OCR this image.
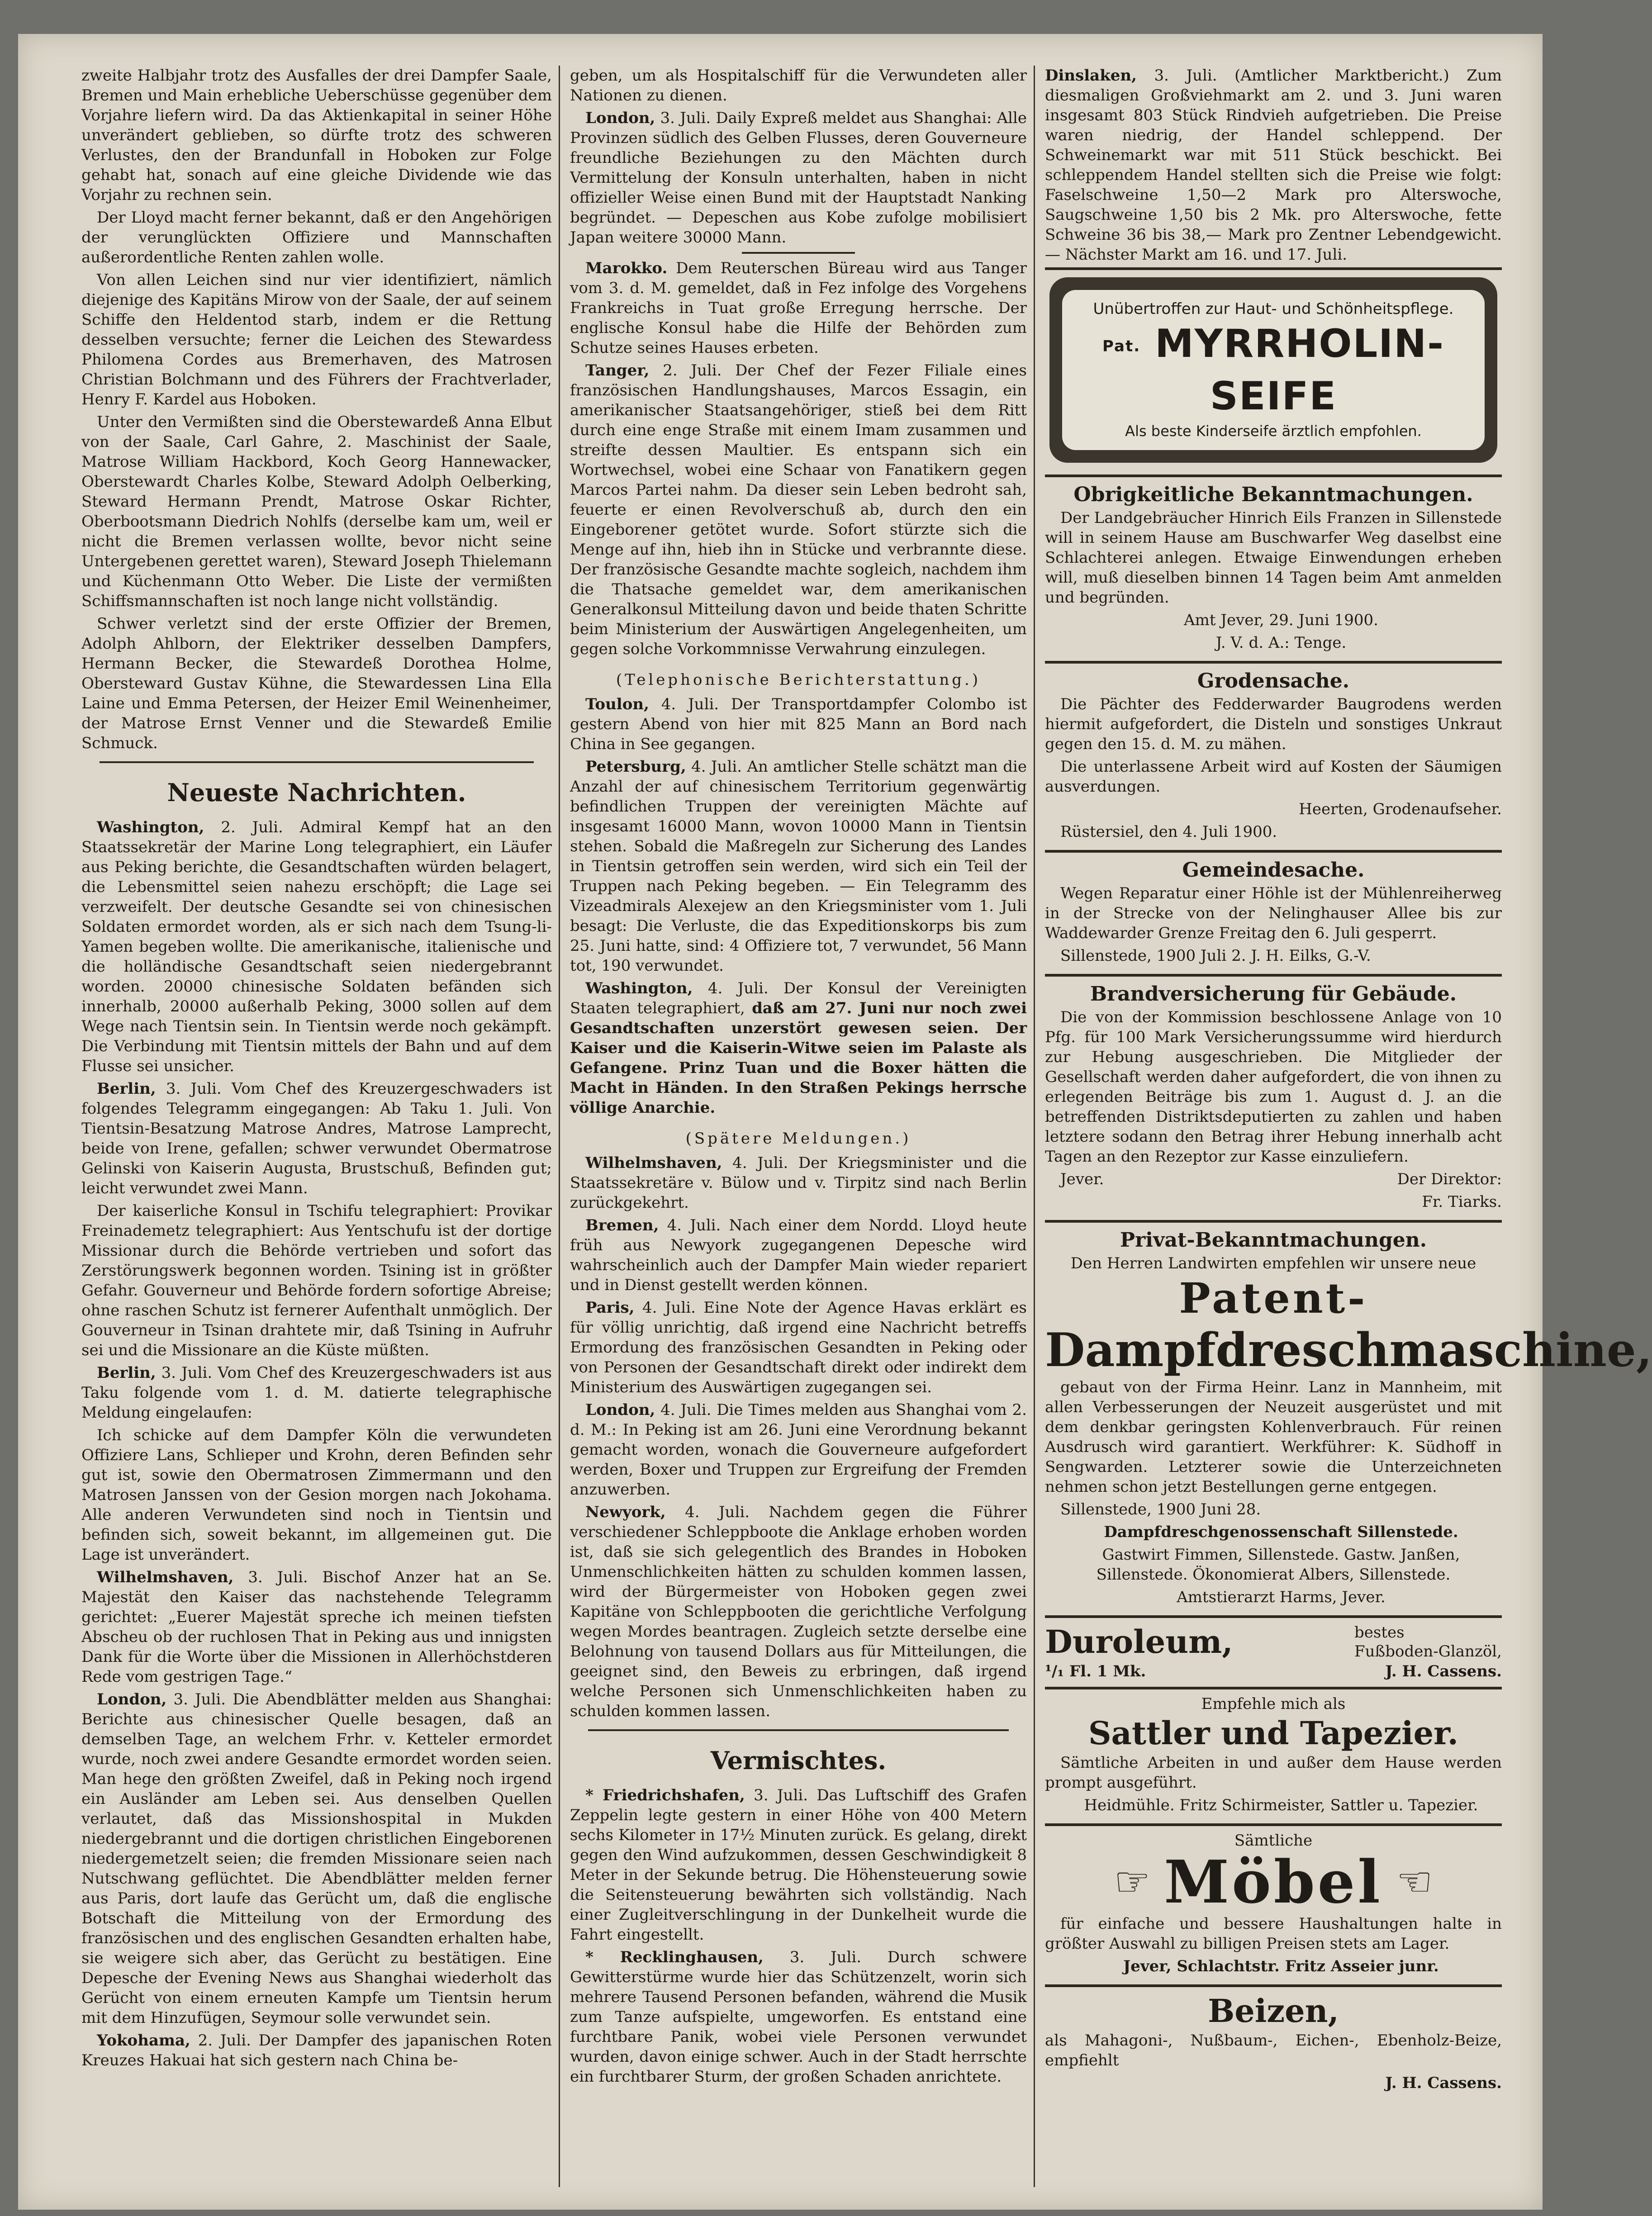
zweite Halbjahr trotz des Ausfalles der drei Dampfer Saale, Bremen und Main erhebliche Ueberschüsse gegenüber dem Vorjahre liefern wird. Da das Aktienkapital in seiner Höhe unverändert geblieben, so dürfte trotz des schweren Verlustes, den der Brandunfall in Hoboken zur Folge gehabt hat, sonach auf eine gleiche Dividende wie das Vorjahr zu rechnen sein.

Der Lloyd macht ferner bekannt, daß er den Angehörigen der verunglückten Offiziere und Mannschaften außerordentliche Renten zahlen wolle.

Von allen Leichen sind nur vier identifiziert, nämlich diejenige des Kapitäns Mirow von der Saale, der auf seinem Schiffe den Heldentod starb, indem er die Rettung desselben versuchte; ferner die Leichen des Stewardess Philomena Cordes aus Bremerhaven, des Matrosen Christian Bolchmann und des Führers der Frachtverlader, Henry F. Kardel aus Hoboken.

Unter den Vermißten sind die Oberstewardeß Anna Elbut von der Saale, Carl Gahre, 2. Maschinist der Saale, Matrose William Hackbord, Koch Georg Hannewacker, Oberstewardt Charles Kolbe, Steward Adolph Oelberking, Steward Hermann Prendt, Matrose Oskar Richter, Oberbootsmann Diedrich Nohlfs (derselbe kam um, weil er nicht die Bremen verlassen wollte, bevor nicht seine Untergebenen gerettet waren), Steward Joseph Thielemann und Küchenmann Otto Weber. Die Liste der vermißten Schiffsmannschaften ist noch lange nicht vollständig.

Schwer verletzt sind der erste Offizier der Bremen, Adolph Ahlborn, der Elektriker desselben Dampfers, Hermann Becker, die Stewardeß Dorothea Holme, Obersteward Gustav Kühne, die Stewardessen Lina Ella Laine und Emma Petersen, der Heizer Emil Weinenheimer, der Matrose Ernst Venner und die Stewardeß Emilie Schmuck.

Neueste Nachrichten.

Washington, 2. Juli. Admiral Kempf hat an den Staatssekretär der Marine Long telegraphiert, ein Läufer aus Peking berichte, die Gesandtschaften würden belagert, die Lebensmittel seien nahezu erschöpft; die Lage sei verzweifelt. Der deutsche Gesandte sei von chinesischen Soldaten ermordet worden, als er sich nach dem Tsung-li-Yamen begeben wollte. Die amerikanische, italienische und die holländische Gesandtschaft seien niedergebrannt worden. 20000 chinesische Soldaten befänden sich innerhalb, 20000 außerhalb Peking, 3000 sollen auf dem Wege nach Tientsin sein. In Tientsin werde noch gekämpft. Die Verbindung mit Tientsin mittels der Bahn und auf dem Flusse sei unsicher.

Berlin, 3. Juli. Vom Chef des Kreuzergeschwaders ist folgendes Telegramm eingegangen: Ab Taku 1. Juli. Von Tientsin-Besatzung Matrose Andres, Matrose Lamprecht, beide von Irene, gefallen; schwer verwundet Obermatrose Gelinski von Kaiserin Augusta, Brustschuß, Befinden gut; leicht verwundet zwei Mann.

Der kaiserliche Konsul in Tschifu telegraphiert: Provikar Freinademetz telegraphiert: Aus Yentschufu ist der dortige Missionar durch die Behörde vertrieben und sofort das Zerstörungswerk begonnen worden. Tsining ist in größter Gefahr. Gouverneur und Behörde fordern sofortige Abreise; ohne raschen Schutz ist fernerer Aufenthalt unmöglich. Der Gouverneur in Tsinan drahtete mir, daß Tsining in Aufruhr sei und die Missionare an die Küste müßten.

Berlin, 3. Juli. Vom Chef des Kreuzergeschwaders ist aus Taku folgende vom 1. d. M. datierte telegraphische Meldung eingelaufen:

Ich schicke auf dem Dampfer Köln die verwundeten Offiziere Lans, Schlieper und Krohn, deren Befinden sehr gut ist, sowie den Obermatrosen Zimmermann und den Matrosen Janssen von der Gesion morgen nach Jokohama. Alle anderen Verwundeten sind noch in Tientsin und befinden sich, soweit bekannt, im allgemeinen gut. Die Lage ist unverändert.

Wilhelmshaven, 3. Juli. Bischof Anzer hat an Se. Majestät den Kaiser das nachstehende Telegramm gerichtet: „Euerer Majestät spreche ich meinen tiefsten Abscheu ob der ruchlosen That in Peking aus und innigsten Dank für die Worte über die Missionen in Allerhöchstderen Rede vom gestrigen Tage.“

London, 3. Juli. Die Abendblätter melden aus Shanghai: Berichte aus chinesischer Quelle besagen, daß an demselben Tage, an welchem Frhr. v. Ketteler ermordet wurde, noch zwei andere Gesandte ermordet worden seien. Man hege den größten Zweifel, daß in Peking noch irgend ein Ausländer am Leben sei. Aus denselben Quellen verlautet, daß das Missionshospital in Mukden niedergebrannt und die dortigen christlichen Eingeborenen niedergemetzelt seien; die fremden Missionare seien nach Nutschwang geflüchtet. Die Abendblätter melden ferner aus Paris, dort laufe das Gerücht um, daß die englische Botschaft die Mitteilung von der Ermordung des französischen und des englischen Gesandten erhalten habe, sie weigere sich aber, das Gerücht zu bestätigen. Eine Depesche der Evening News aus Shanghai wiederholt das Gerücht von einem erneuten Kampfe um Tientsin herum mit dem Hinzufügen, Seymour solle verwundet sein.

Yokohama, 2. Juli. Der Dampfer des japanischen Roten Kreuzes Hakuai hat sich gestern nach China be-

geben, um als Hospitalschiff für die Verwundeten aller Nationen zu dienen.

London, 3. Juli. Daily Expreß meldet aus Shanghai: Alle Provinzen südlich des Gelben Flusses, deren Gouverneure freundliche Beziehungen zu den Mächten durch Vermittelung der Konsuln unterhalten, haben in nicht offizieller Weise einen Bund mit der Hauptstadt Nanking begründet. — Depeschen aus Kobe zufolge mobilisiert Japan weitere 30000 Mann.

Marokko. Dem Reuterschen Büreau wird aus Tanger vom 3. d. M. gemeldet, daß in Fez infolge des Vorgehens Frankreichs in Tuat große Erregung herrsche. Der englische Konsul habe die Hilfe der Behörden zum Schutze seines Hauses erbeten.

Tanger, 2. Juli. Der Chef der Fezer Filiale eines französischen Handlungshauses, Marcos Essagin, ein amerikanischer Staatsangehöriger, stieß bei dem Ritt durch eine enge Straße mit einem Imam zusammen und streifte dessen Maultier. Es entspann sich ein Wortwechsel, wobei eine Schaar von Fanatikern gegen Marcos Partei nahm. Da dieser sein Leben bedroht sah, feuerte er einen Revolverschuß ab, durch den ein Eingeborener getötet wurde. Sofort stürzte sich die Menge auf ihn, hieb ihn in Stücke und verbrannte diese. Der französische Gesandte machte sogleich, nachdem ihm die Thatsache gemeldet war, dem amerikanischen Generalkonsul Mitteilung davon und beide thaten Schritte beim Ministerium der Auswärtigen Angelegenheiten, um gegen solche Vorkommnisse Verwahrung einzulegen.

(Telephonische Berichterstattung.)

Toulon, 4. Juli. Der Transportdampfer Colombo ist gestern Abend von hier mit 825 Mann an Bord nach China in See gegangen.

Petersburg, 4. Juli. An amtlicher Stelle schätzt man die Anzahl der auf chinesischem Territorium gegenwärtig befindlichen Truppen der vereinigten Mächte auf insgesamt 16000 Mann, wovon 10000 Mann in Tientsin stehen. Sobald die Maßregeln zur Sicherung des Landes in Tientsin getroffen sein werden, wird sich ein Teil der Truppen nach Peking begeben. — Ein Telegramm des Vizeadmirals Alexejew an den Kriegsminister vom 1. Juli besagt: Die Verluste, die das Expeditionskorps bis zum 25. Juni hatte, sind: 4 Offiziere tot, 7 verwundet, 56 Mann tot, 190 verwundet.

Washington, 4. Juli. Der Konsul der Vereinigten Staaten telegraphiert, daß am 27. Juni nur noch zwei Gesandtschaften unzerstört gewesen seien. Der Kaiser und die Kaiserin-Witwe seien im Palaste als Gefangene. Prinz Tuan und die Boxer hätten die Macht in Händen. In den Straßen Pekings herrsche völlige Anarchie.

(Spätere Meldungen.)

Wilhelmshaven, 4. Juli. Der Kriegsminister und die Staatssekretäre v. Bülow und v. Tirpitz sind nach Berlin zurückgekehrt.

Bremen, 4. Juli. Nach einer dem Nordd. Lloyd heute früh aus Newyork zugegangenen Depesche wird wahrscheinlich auch der Dampfer Main wieder repariert und in Dienst gestellt werden können.

Paris, 4. Juli. Eine Note der Agence Havas erklärt es für völlig unrichtig, daß irgend eine Nachricht betreffs Ermordung des französischen Gesandten in Peking oder von Personen der Gesandtschaft direkt oder indirekt dem Ministerium des Auswärtigen zugegangen sei.

London, 4. Juli. Die Times melden aus Shanghai vom 2. d. M.: In Peking ist am 26. Juni eine Verordnung bekannt gemacht worden, wonach die Gouverneure aufgefordert werden, Boxer und Truppen zur Ergreifung der Fremden anzuwerben.

Newyork, 4. Juli. Nachdem gegen die Führer verschiedener Schleppboote die Anklage erhoben worden ist, daß sie sich gelegentlich des Brandes in Hoboken Unmenschlichkeiten hätten zu schulden kommen lassen, wird der Bürgermeister von Hoboken gegen zwei Kapitäne von Schleppbooten die gerichtliche Verfolgung wegen Mordes beantragen. Zugleich setzte derselbe eine Belohnung von tausend Dollars aus für Mitteilungen, die geeignet sind, den Beweis zu erbringen, daß irgend welche Personen sich Unmenschlichkeiten haben zu schulden kommen lassen.

Vermischtes.

* Friedrichshafen, 3. Juli. Das Luftschiff des Grafen Zeppelin legte gestern in einer Höhe von 400 Metern sechs Kilometer in 17½ Minuten zurück. Es gelang, direkt gegen den Wind aufzukommen, dessen Geschwindigkeit 8 Meter in der Sekunde betrug. Die Höhensteuerung sowie die Seitensteuerung bewährten sich vollständig. Nach einer Zugleitverschlingung in der Dunkelheit wurde die Fahrt eingestellt.

* Recklinghausen, 3. Juli. Durch schwere Gewitterstürme wurde hier das Schützenzelt, worin sich mehrere Tausend Personen befanden, während die Musik zum Tanze aufspielte, umgeworfen. Es entstand eine furchtbare Panik, wobei viele Personen verwundet wurden, davon einige schwer. Auch in der Stadt herrschte ein furchtbarer Sturm, der großen Schaden anrichtete.

Dinslaken, 3. Juli. (Amtlicher Marktbericht.) Zum diesmaligen Großviehmarkt am 2. und 3. Juni waren insgesamt 803 Stück Rindvieh aufgetrieben. Die Preise waren niedrig, der Handel schleppend. Der Schweinemarkt war mit 511 Stück beschickt. Bei schleppendem Handel stellten sich die Preise wie folgt: Faselschweine 1,50—2 Mark pro Alterswoche, Saugschweine 1,50 bis 2 Mk. pro Alterswoche, fette Schweine 36 bis 38,— Mark pro Zentner Lebendgewicht. — Nächster Markt am 16. und 17. Juli.

Unübertroffen zur Haut- und Schönheitspflege.
Pat. MYRRHOLIN-SEIFE
Als beste Kinderseife ärztlich empfohlen.
Obrigkeitliche Bekanntmachungen.

Der Landgebräucher Hinrich Eils Franzen in Sillenstede will in seinem Hause am Buschwarfer Weg daselbst eine Schlachterei anlegen. Etwaige Einwendungen erheben will, muß dieselben binnen 14 Tagen beim Amt anmelden und begründen.

Amt Jever, 29. Juni 1900.

J. V. d. A.: Tenge.

Grodensache.

Die Pächter des Fedderwarder Baugrodens werden hiermit aufgefordert, die Disteln und sonstiges Unkraut gegen den 15. d. M. zu mähen.

Die unterlassene Arbeit wird auf Kosten der Säumigen ausverdungen.

Heerten, Grodenaufseher.

Rüstersiel, den 4. Juli 1900.

Gemeindesache.

Wegen Reparatur einer Höhle ist der Mühlenreiherweg in der Strecke von der Nelinghauser Allee bis zur Waddewarder Grenze Freitag den 6. Juli gesperrt.

Sillenstede, 1900 Juli 2. J. H. Eilks, G.-V.

Brandversicherung für Gebäude.

Die von der Kommission beschlossene Anlage von 10 Pfg. für 100 Mark Versicherungssumme wird hierdurch zur Hebung ausgeschrieben. Die Mitglieder der Gesellschaft werden daher aufgefordert, die von ihnen zu erlegenden Beiträge bis zum 1. August d. J. an die betreffenden Distriktsdeputierten zu zahlen und haben letztere sodann den Betrag ihrer Hebung innerhalb acht Tagen an den Rezeptor zur Kasse einzuliefern.

Jever.	Der Direktor:

Fr. Tiarks.

Privat-Bekanntmachungen.
Den Herren Landwirten empfehlen wir unsere neue
Patent-
Dampfdreschmaschine,

gebaut von der Firma Heinr. Lanz in Mannheim, mit allen Verbesserungen der Neuzeit ausgerüstet und mit dem denkbar geringsten Kohlenverbrauch. Für reinen Ausdrusch wird garantiert. Werkführer: K. Südhoff in Sengwarden. Letzterer sowie die Unterzeichneten nehmen schon jetzt Bestellungen gerne entgegen.

Sillenstede, 1900 Juni 28.

Dampfdreschgenossenschaft Sillenstede.

Gastwirt Fimmen, Sillenstede. Gastw. Janßen, Sillenstede. Ökonomierat Albers, Sillenstede.

Amtstierarzt Harms, Jever.

Duroleum,	bestes
Fußboden-Glanzöl,
¹/₁ Fl. 1 Mk.	J. H. Cassens.
Empfehle mich als
Sattler und Tapezier.

Sämtliche Arbeiten in und außer dem Hause werden prompt ausgeführt.

Heidmühle. Fritz Schirmeister, Sattler u. Tapezier.

Sämtliche
☞ Möbel ☜

für einfache und bessere Haushaltungen halte in größter Auswahl zu billigen Preisen stets am Lager.

Jever, Schlachtstr. Fritz Asseier junr.

Beizen,

als Mahagoni-, Nußbaum-, Eichen-, Ebenholz-Beize, empfiehlt

J. H. Cassens.
